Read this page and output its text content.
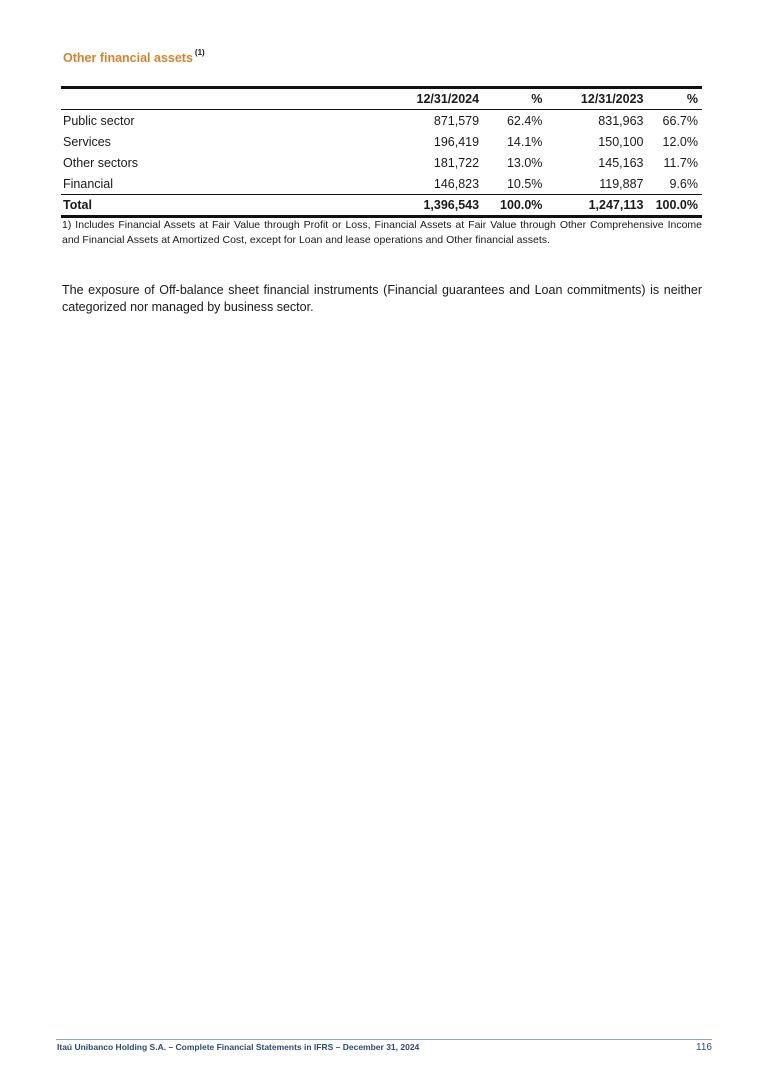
Other financial assets $^{(1)}$
	12/31/2024	%	12/31/2023	%
Public sector	871,579	62.4%	831,963	66.7%
Services	196,419	14.1%	150,100	12.0%
Other sectors	181,722	13.0%	145,163	11.7%
Financial	146,823	10.5%	119,887	9.6%
Total	1,396,543	100.0%	1,247,113	100.0%
1) Includes Financial Assets at Fair Value through Profit or Loss, Financial Assets at Fair Value through Other Comprehensive Income and Financial Assets at Amortized Cost, except for Loan and lease operations and Other financial assets.
The exposure of Off-balance sheet financial instruments (Financial guarantees and Loan commitments) is neither categorized nor managed by business sector.
Itaú Unibanco Holding S.A. – Complete Financial Statements in IFRS – December 31, 2024	116
